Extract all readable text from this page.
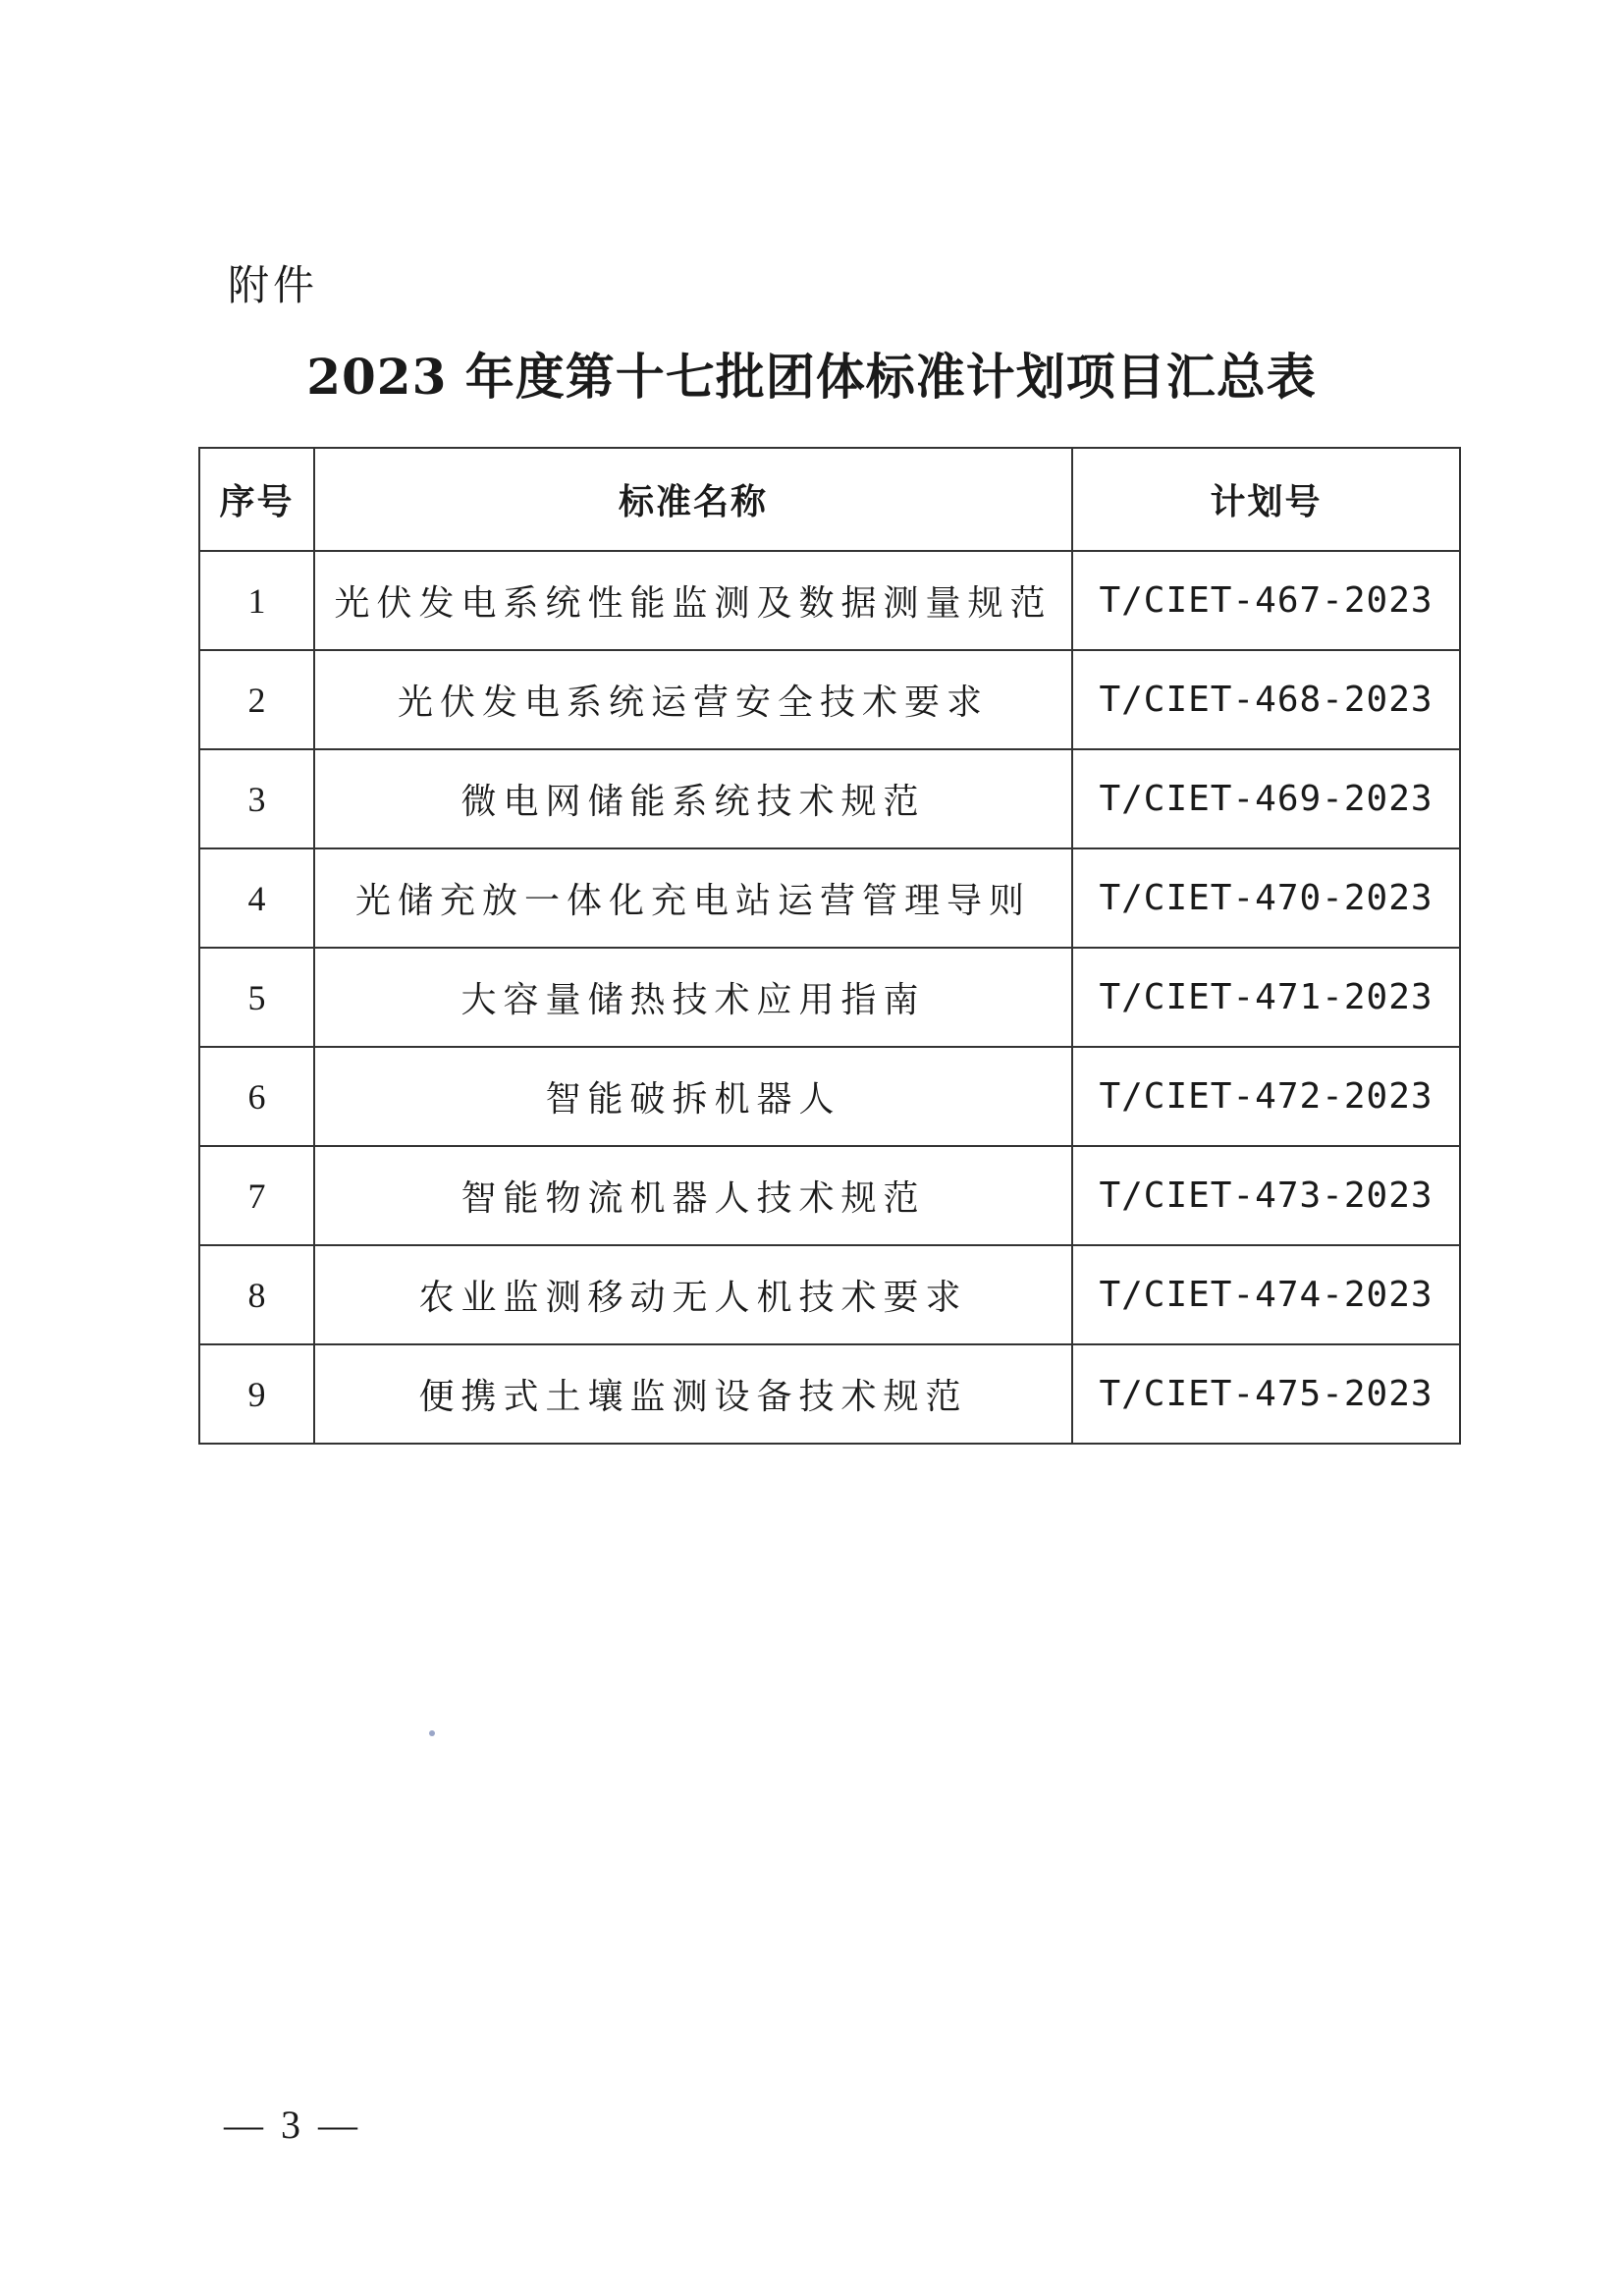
附件
2023 年度第十七批团体标准计划项目汇总表
序号	标准名称	计划号
1	光伏发电系统性能监测及数据测量规范	T/CIET-467-2023
2	光伏发电系统运营安全技术要求	T/CIET-468-2023
3	微电网储能系统技术规范	T/CIET-469-2023
4	光储充放一体化充电站运营管理导则	T/CIET-470-2023
5	大容量储热技术应用指南	T/CIET-471-2023
6	智能破拆机器人	T/CIET-472-2023
7	智能物流机器人技术规范	T/CIET-473-2023
8	农业监测移动无人机技术要求	T/CIET-474-2023
9	便携式土壤监测设备技术规范	T/CIET-475-2023
— 3 —
